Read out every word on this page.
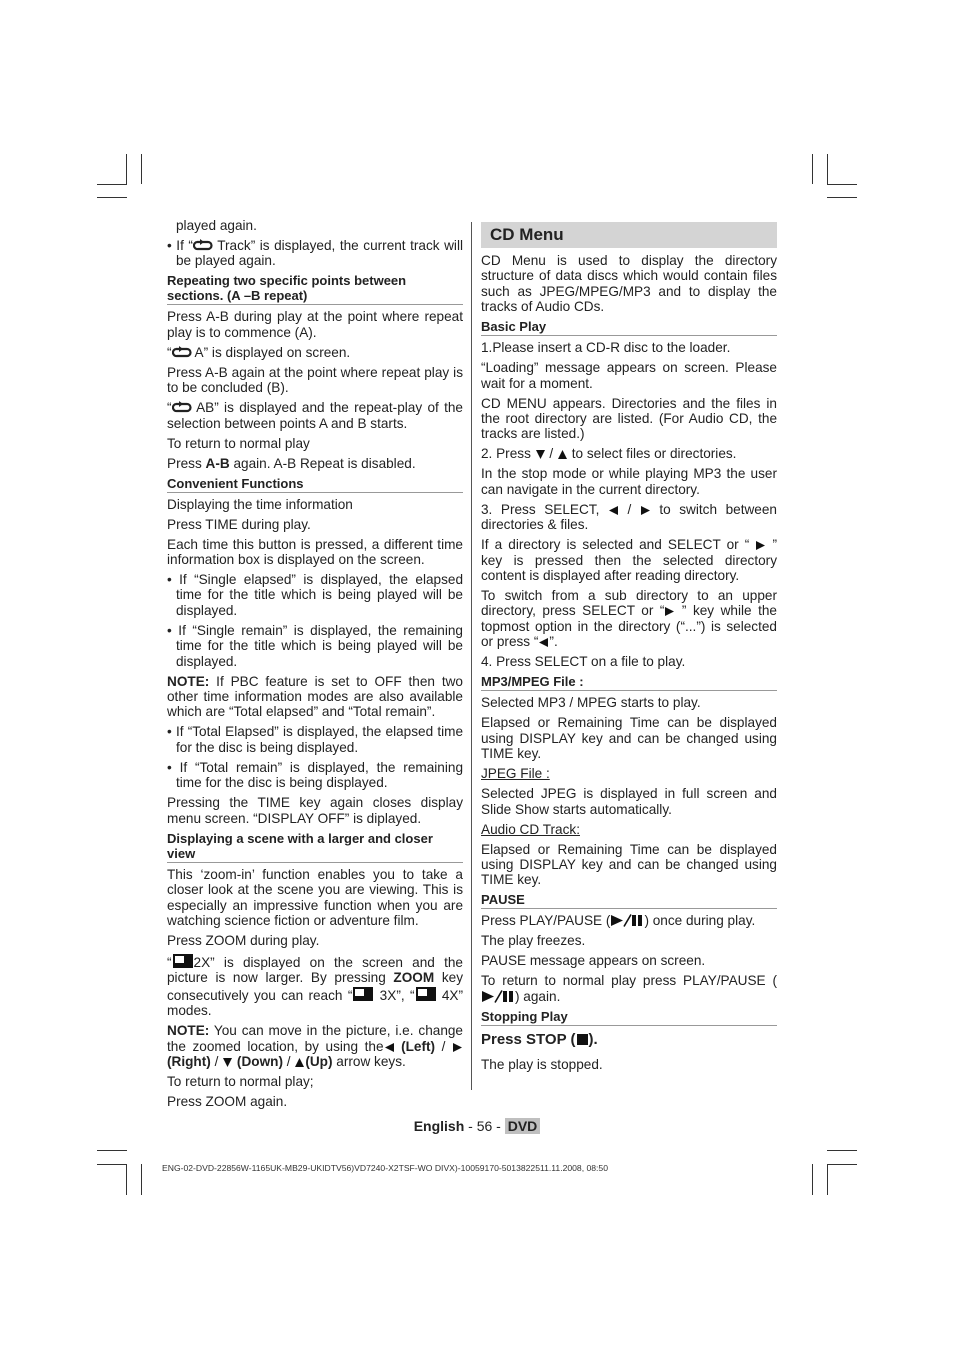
played again.

• If “ Track” is displayed, the current track will be played again.

Repeating two specific points between sections. (A –B repeat)

Press A-B during play at the point where repeat play is to commence (A).

“ A” is displayed on screen.

Press A-B again at the point where repeat play is to be concluded (B).

“ AB” is displayed and the repeat-play of the selection between points A and B starts.

To return to normal play

Press A-B again. A-B Repeat is disabled.

Convenient Functions

Displaying the time information

Press TIME during play.

Each time this button is pressed, a different time information box is displayed on the screen.

• If “Single elapsed” is displayed, the elapsed time for the title which is being played will be displayed.

• If “Single remain” is displayed, the remaining time for the title which is being played will be displayed.

NOTE: If PBC feature is set to OFF then two other time information modes are also available which are “Total elapsed” and “Total remain”.

• If “Total Elapsed” is displayed, the elapsed time for the disc is being displayed.

• If “Total remain” is displayed, the remaining time for the disc is being displayed.

Pressing the TIME key again closes display menu screen. “DISPLAY OFF” is diplayed.

Displaying a scene with a larger and closer view

This ‘zoom-in’ function enables you to take a closer look at the scene you are viewing. This is especially an impressive function when you are watching science fiction or adventure film.

Press ZOOM during play.

“ 2X” is displayed on the screen and the picture is now larger. By pressing ZOOM key consecutively you can reach “ 3X”, “ 4X” modes.

NOTE: You can move in the picture, i.e. change the zoomed location, by using the (Left) /  (Right) /  (Down) / (Up) arrow keys.

To return to normal play;

Press ZOOM again.

CD Menu

CD Menu is used to display the directory structure of data discs which would contain files such as JPEG/MPEG/MP3 and to display the tracks of Audio CDs.

Basic Play

1.Please insert a CD-R disc to the loader.

“Loading” message appears on screen. Please wait for a moment.

CD MENU appears. Directories and the files in the root directory are listed. (For Audio CD, the tracks are listed.)

2. Press  /  to select files or directories.

In the stop mode or while playing MP3 the user can navigate in the current directory.

3. Press SELECT,  /  to switch between directories & files.

If a directory is selected and SELECT or “  ” key is pressed then the selected directory content is displayed after reading directory.

To switch from a sub directory to an upper directory, press SELECT or “ ” key while the topmost option in the directory (“...”) is selected or press “ ”.

4. Press SELECT on a file to play.

MP3/MPEG File :

Selected MP3 / MPEG starts to play.

Elapsed or Remaining Time can be displayed using DISPLAY key and can be changed using TIME key.

JPEG File :

Selected JPEG is displayed in full screen and Slide Show starts automatically.

Audio CD Track:

Elapsed or Remaining Time can be displayed using DISPLAY key and can be changed using TIME key.

PAUSE

Press PLAY/PAUSE (	) once during play.

The play freezes.

PAUSE message appears on screen.

To return to normal play press PLAY/PAUSE () again.

Stopping Play

Press STOP ( ).

The play is stopped.

English - 56 - DVD
ENG-02-DVD-22856W-1165UK-MB29-UKIDTV56)VD7240-X2TSF-WO DIVX)-10059170-5013822511.11.2008, 08:50
